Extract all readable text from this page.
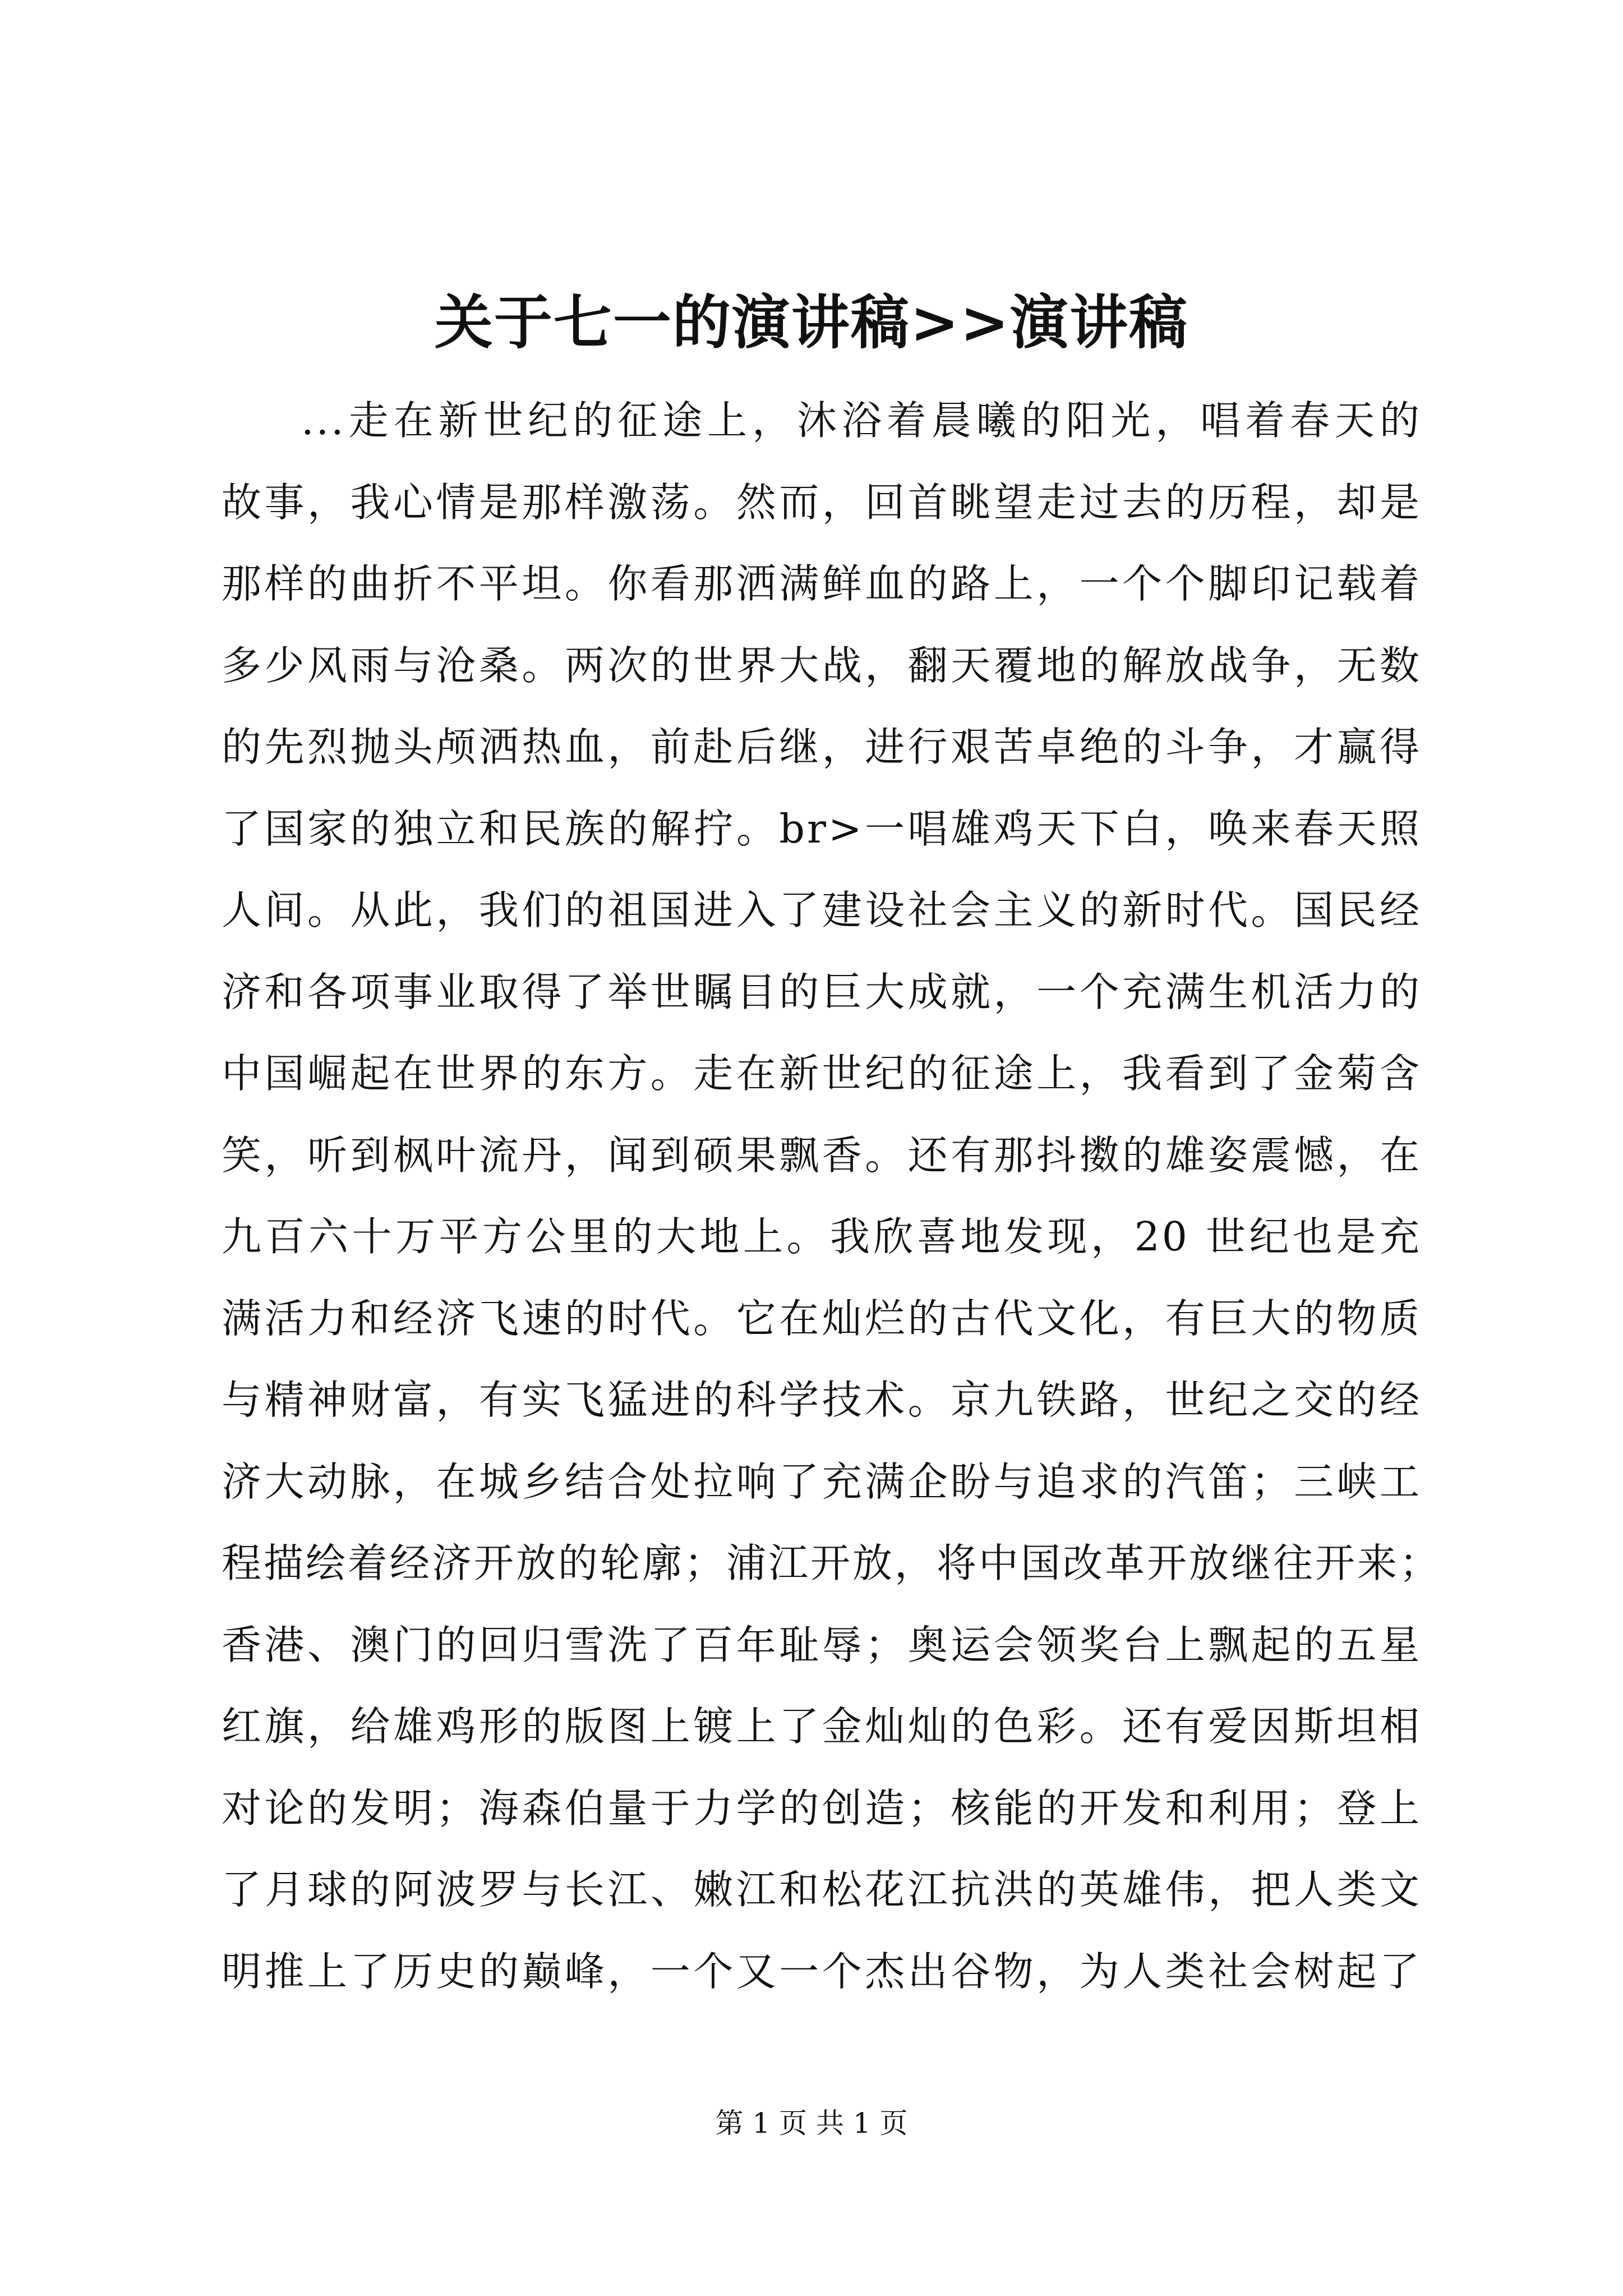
关于七一的演讲稿>>演讲稿
...走在新世纪的征途上，沐浴着晨曦的阳光，唱着春天的
故事，我心情是那样激荡。然而，回首眺望走过去的历程，却是
那样的曲折不平坦。你看那洒满鲜血的路上，一个个脚印记载着
多少风雨与沧桑。两次的世界大战，翻天覆地的解放战争，无数
的先烈抛头颅洒热血，前赴后继，进行艰苦卓绝的斗争，才赢得
了国家的独立和民族的解拧。br>一唱雄鸡天下白，唤来春天照
人间。从此，我们的祖国进入了建设社会主义的新时代。国民经
济和各项事业取得了举世瞩目的巨大成就，一个充满生机活力的
中国崛起在世界的东方。走在新世纪的征途上，我看到了金菊含
笑，听到枫叶流丹，闻到硕果飘香。还有那抖擞的雄姿震憾，在
九百六十万平方公里的大地上。我欣喜地发现，20 世纪也是充
满活力和经济飞速的时代。它在灿烂的古代文化，有巨大的物质
与精神财富，有实飞猛进的科学技术。京九铁路，世纪之交的经
济大动脉，在城乡结合处拉响了充满企盼与追求的汽笛；三峡工
程描绘着经济开放的轮廓；浦江开放，将中国改革开放继往开来；
香港、澳门的回归雪洗了百年耻辱；奥运会领奖台上飘起的五星
红旗，给雄鸡形的版图上镀上了金灿灿的色彩。还有爱因斯坦相
对论的发明；海森伯量于力学的创造；核能的开发和利用；登上
了月球的阿波罗与长江、嫩江和松花江抗洪的英雄伟，把人类文
明推上了历史的巅峰，一个又一个杰出谷物，为人类社会树起了
第 1 页 共 1 页
